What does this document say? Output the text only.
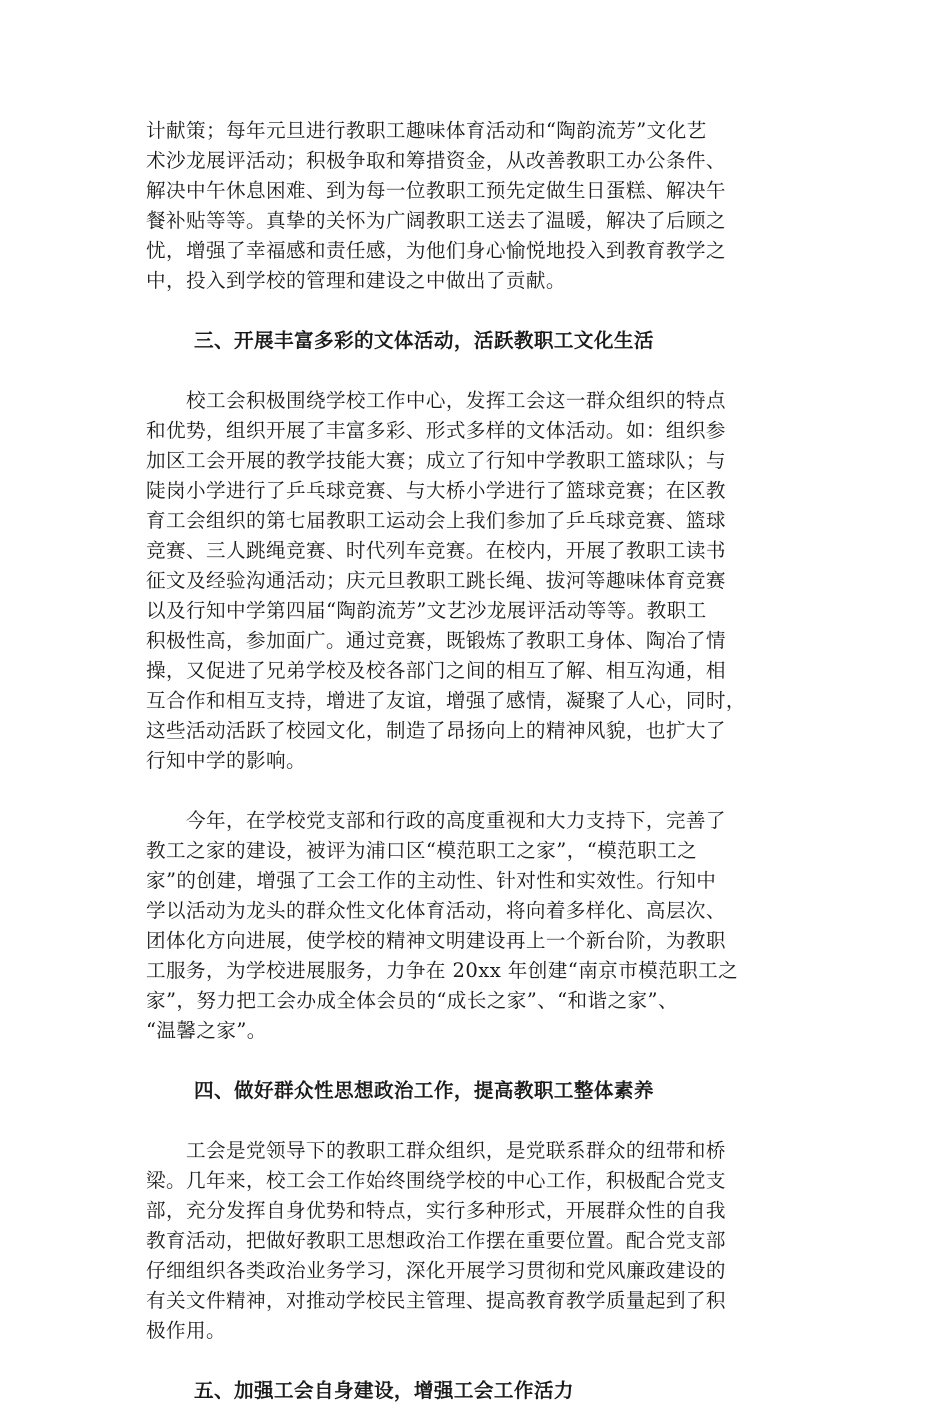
计献策；每年元旦进行教职工趣味体育活动和“陶韵流芳”文化艺
术沙龙展评活动；积极争取和筹措资金，从改善教职工办公条件、
解决中午休息困难、到为每一位教职工预先定做生日蛋糕、解决午
餐补贴等等。真挚的关怀为广阔教职工送去了温暖，解决了后顾之
忧，增强了幸福感和责任感，为他们身心愉悦地投入到教育教学之
中，投入到学校的管理和建设之中做出了贡献。

三、开展丰富多彩的文体活动，活跃教职工文化生活

　　校工会积极围绕学校工作中心，发挥工会这一群众组织的特点
和优势，组织开展了丰富多彩、形式多样的文体活动。如：组织参
加区工会开展的教学技能大赛；成立了行知中学教职工篮球队；与
陡岗小学进行了乒乓球竞赛、与大桥小学进行了篮球竞赛；在区教
育工会组织的第七届教职工运动会上我们参加了乒乓球竞赛、篮球
竞赛、三人跳绳竞赛、时代列车竞赛。在校内，开展了教职工读书
征文及经验沟通活动；庆元旦教职工跳长绳、拔河等趣味体育竞赛
以及行知中学第四届“陶韵流芳”文艺沙龙展评活动等等。教职工
积极性高，参加面广。通过竞赛，既锻炼了教职工身体、陶冶了情
操，又促进了兄弟学校及校各部门之间的相互了解、相互沟通，相
互合作和相互支持，增进了友谊，增强了感情，凝聚了人心，同时，
这些活动活跃了校园文化，制造了昂扬向上的精神风貌，也扩大了
行知中学的影响。

　　今年，在学校党支部和行政的高度重视和大力支持下，完善了
教工之家的建设，被评为浦口区“模范职工之家”，“模范职工之
家”的创建，增强了工会工作的主动性、针对性和实效性。行知中
学以活动为龙头的群众性文化体育活动，将向着多样化、高层次、
团体化方向进展，使学校的精神文明建设再上一个新台阶，为教职
工服务，为学校进展服务，力争在 20xx 年创建“南京市模范职工之
家”，努力把工会办成全体会员的“成长之家”、“和谐之家”、
“温馨之家”。

四、做好群众性思想政治工作，提高教职工整体素养

　　工会是党领导下的教职工群众组织，是党联系群众的纽带和桥
梁。几年来，校工会工作始终围绕学校的中心工作，积极配合党支
部，充分发挥自身优势和特点，实行多种形式，开展群众性的自我
教育活动，把做好教职工思想政治工作摆在重要位置。配合党支部
仔细组织各类政治业务学习，深化开展学习贯彻和党风廉政建设的
有关文件精神，对推动学校民主管理、提高教育教学质量起到了积
极作用。

五、加强工会自身建设，增强工会工作活力
